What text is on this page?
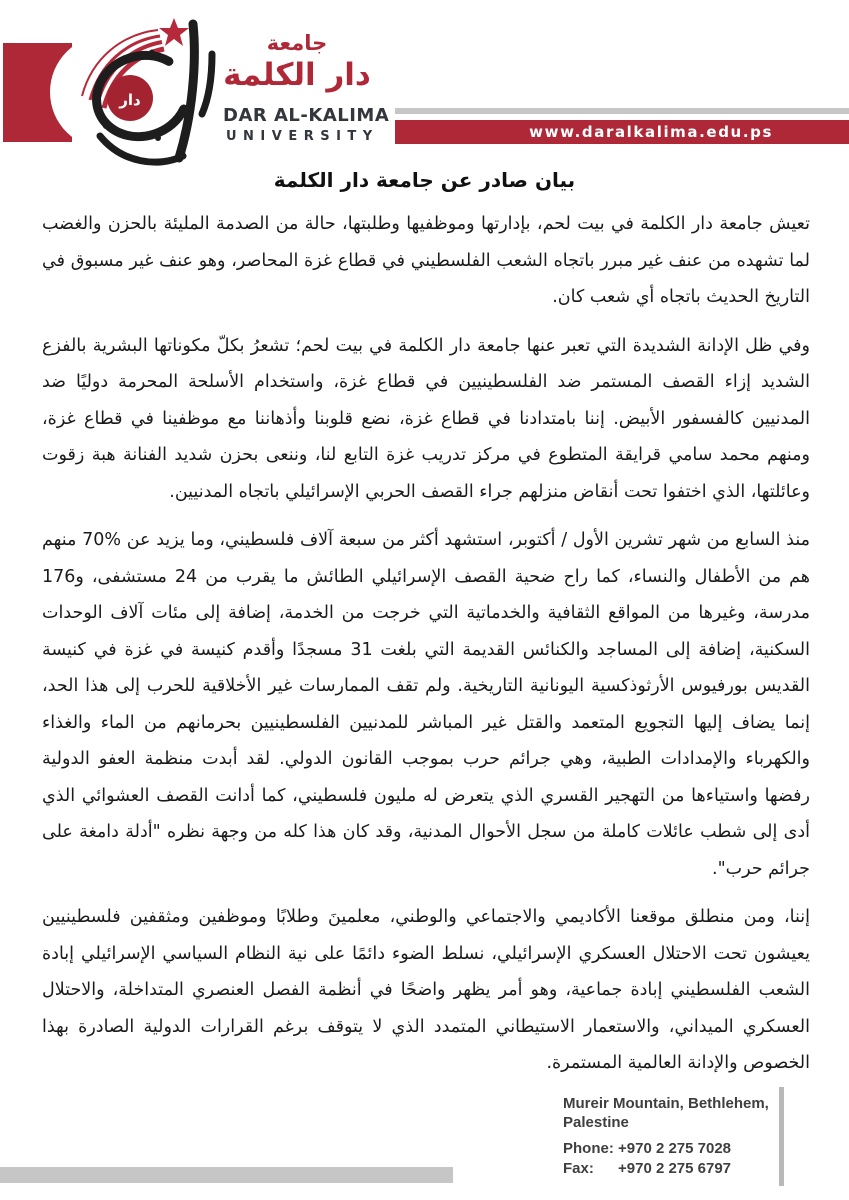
دار
جامعة
دار الكلمة
DAR AL-KALIMA
UNIVERSITY	www.daralkalima.edu.ps
بيان صادر عن جامعة دار الكلمة

تعيش جامعة دار الكلمة في بيت لحم، بإدارتها وموظفيها وطلبتها، حالة من الصدمة المليئة بالحزن والغضب لما تشهده من عنف غير مبرر باتجاه الشعب الفلسطيني في قطاع غزة المحاصر، وهو عنف غير مسبوق في التاريخ الحديث باتجاه أي شعب كان.

وفي ظل الإدانة الشديدة التي تعبر عنها جامعة دار الكلمة في بيت لحم؛ تشعرُ بكلّ مكوناتها البشرية بالفزع الشديد إزاء القصف المستمر ضد الفلسطينيين في قطاع غزة، واستخدام الأسلحة المحرمة دوليًا ضد المدنيين كالفسفور الأبيض. إننا بامتدادنا في قطاع غزة، نضع قلوبنا وأذهاننا مع موظفينا في قطاع غزة، ومنهم محمد سامي قرايقة المتطوع في مركز تدريب غزة التابع لنا، وننعى بحزن شديد الفنانة هبة زقوت وعائلتها، الذي اختفوا تحت أنقاض منزلهم جراء القصف الحربي الإسرائيلي باتجاه المدنيين.

منذ السابع من شهر تشرين الأول / أكتوبر، استشهد أكثر من سبعة آلاف فلسطيني، وما يزيد عن %70 منهم هم من الأطفال والنساء، كما راح ضحية القصف الإسرائيلي الطائش ما يقرب من 24 مستشفى، و176 مدرسة، وغيرها من المواقع الثقافية والخدماتية التي خرجت من الخدمة، إضافة إلى مئات آلاف الوحدات السكنية، إضافة إلى المساجد والكنائس القديمة التي بلغت 31 مسجدًا وأقدم كنيسة في غزة في كنيسة القديس بورفيوس الأرثوذكسية اليونانية التاريخية. ولم تقف الممارسات غير الأخلاقية للحرب إلى هذا الحد، إنما يضاف إليها التجويع المتعمد والقتل غير المباشر للمدنيين الفلسطينيين بحرمانهم من الماء والغذاء والكهرباء والإمدادات الطبية، وهي جرائم حرب بموجب القانون الدولي. لقد أبدت منظمة العفو الدولية رفضها واستياءها من التهجير القسري الذي يتعرض له مليون فلسطيني، كما أدانت القصف العشوائي الذي أدى إلى شطب عائلات كاملة من سجل الأحوال المدنية، وقد كان هذا كله من وجهة نظره "أدلة دامغة على جرائم حرب".

إننا، ومن منطلق موقعنا الأكاديمي والاجتماعي والوطني، معلمينَ وطلابًا وموظفين ومثقفين فلسطينيين يعيشون تحت الاحتلال العسكري الإسرائيلي، نسلط الضوء دائمًا على نية النظام السياسي الإسرائيلي إبادة الشعب الفلسطيني إبادة جماعية، وهو أمر يظهر واضحًا في أنظمة الفصل العنصري المتداخلة، والاحتلال العسكري الميداني، والاستعمار الاستيطاني المتمدد الذي لا يتوقف برغم القرارات الدولية الصادرة بهذا الخصوص والإدانة العالمية المستمرة.

Mureir Mountain, Bethlehem,
Palestine
Phone: +970 2 275 7028
Fax:	+970 2 275 6797
